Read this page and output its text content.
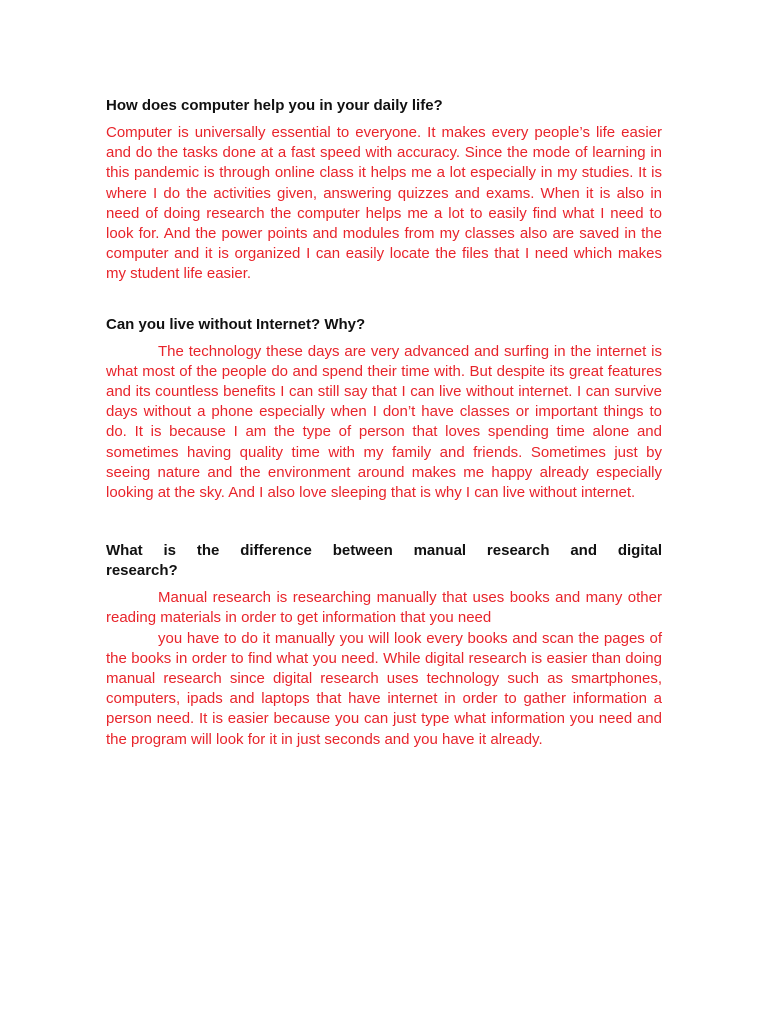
How does computer help you in your daily life?

Computer is universally essential to everyone. It makes every people’s life easier and do the tasks done at a fast speed with accuracy. Since the mode of learning in this pandemic is through online class it helps me a lot especially in my studies. It is where I do the activities given, answering quizzes and exams. When it is also in need of doing research the computer helps me a lot to easily find what I need to look for. And the power points and modules from my classes also are saved in the computer and it is organized I can easily locate the files that I need which makes my student life easier.

Can you live without Internet? Why?

The technology these days are very advanced and surfing in the internet is what most of the people do and spend their time with. But despite its great features and its countless benefits I can still say that I can live without internet. I can survive days without a phone especially when I don’t have classes or important things to do. It is because I am the type of person that loves spending time alone and sometimes having quality time with my family and friends. Sometimes just by seeing nature and the environment around makes me happy already especially looking at the sky. And I also love sleeping that is why I can live without internet.

What is the difference between manual research and digital research?

Manual research is researching manually that uses books and many other reading materials in order to get information that you need
you have to do it manually you will look every books and scan the pages of the books in order to find what you need. While digital research is easier than doing manual research since digital research uses technology such as smartphones, computers, ipads and laptops that have internet in order to gather information a person need. It is easier because you can just type what information you need and the program will look for it in just seconds and you have it already.
